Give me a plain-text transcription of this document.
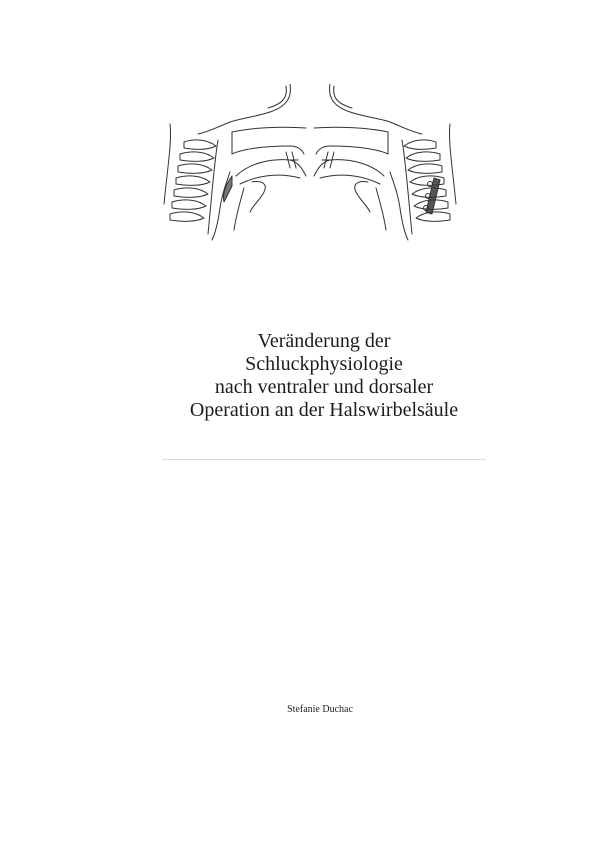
Veränderung der
Schluckphysiologie
nach ventraler und dorsaler
Operation an der Halswirbelsäule
Stefanie Duchac
